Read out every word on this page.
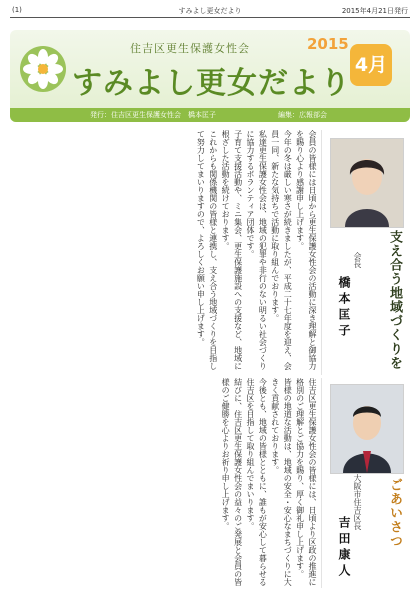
(1)	すみよし更女だより	2015年4月21日発行
住吉区更生保護女性会	2015
4月
すみよし更女だより
発行：住吉区更生保護女性会　橋本匡子	編集：広報部会

会員の皆様には日頃から更生保護女性会の活動に深き理解と御協力を賜り心より感謝申し上げます。

今年の冬は厳しい寒さが続きましたが、平成二十七年度を迎え、会員一同、新たな気持ちで活動に取り組んでおります。

私達更生保護女性会は、地域の犯罪や非行のない明るい社会づくりに協力するボランティア団体です。

子育て支援活動や、ミニ集会、更生保護施設への支援など、地域に根ざした活動を続けております。

これからも関係機関の皆様と連携し、支え合う地域づくりを目指して努力してまいりますので、よろしくお願い申し上げます。	支え合う地域づくりを
会長
橋本匡子

住吉区更生保護女性会の皆様には、日頃より区政の推進に格別のご理解とご協力を賜り、厚く御礼申し上げます。

皆様の地道な活動は、地域の安全・安心なまちづくりに大きく貢献されております。

今後とも、地域の皆様とともに、誰もが安心して暮らせる住吉区を目指して取り組んでまいります。

結びに、住吉区更生保護女性会の益々のご発展と会員の皆様のご健勝を心よりお祈り申し上げます。	ごあいさつ
大阪市住吉区長
吉田康人
